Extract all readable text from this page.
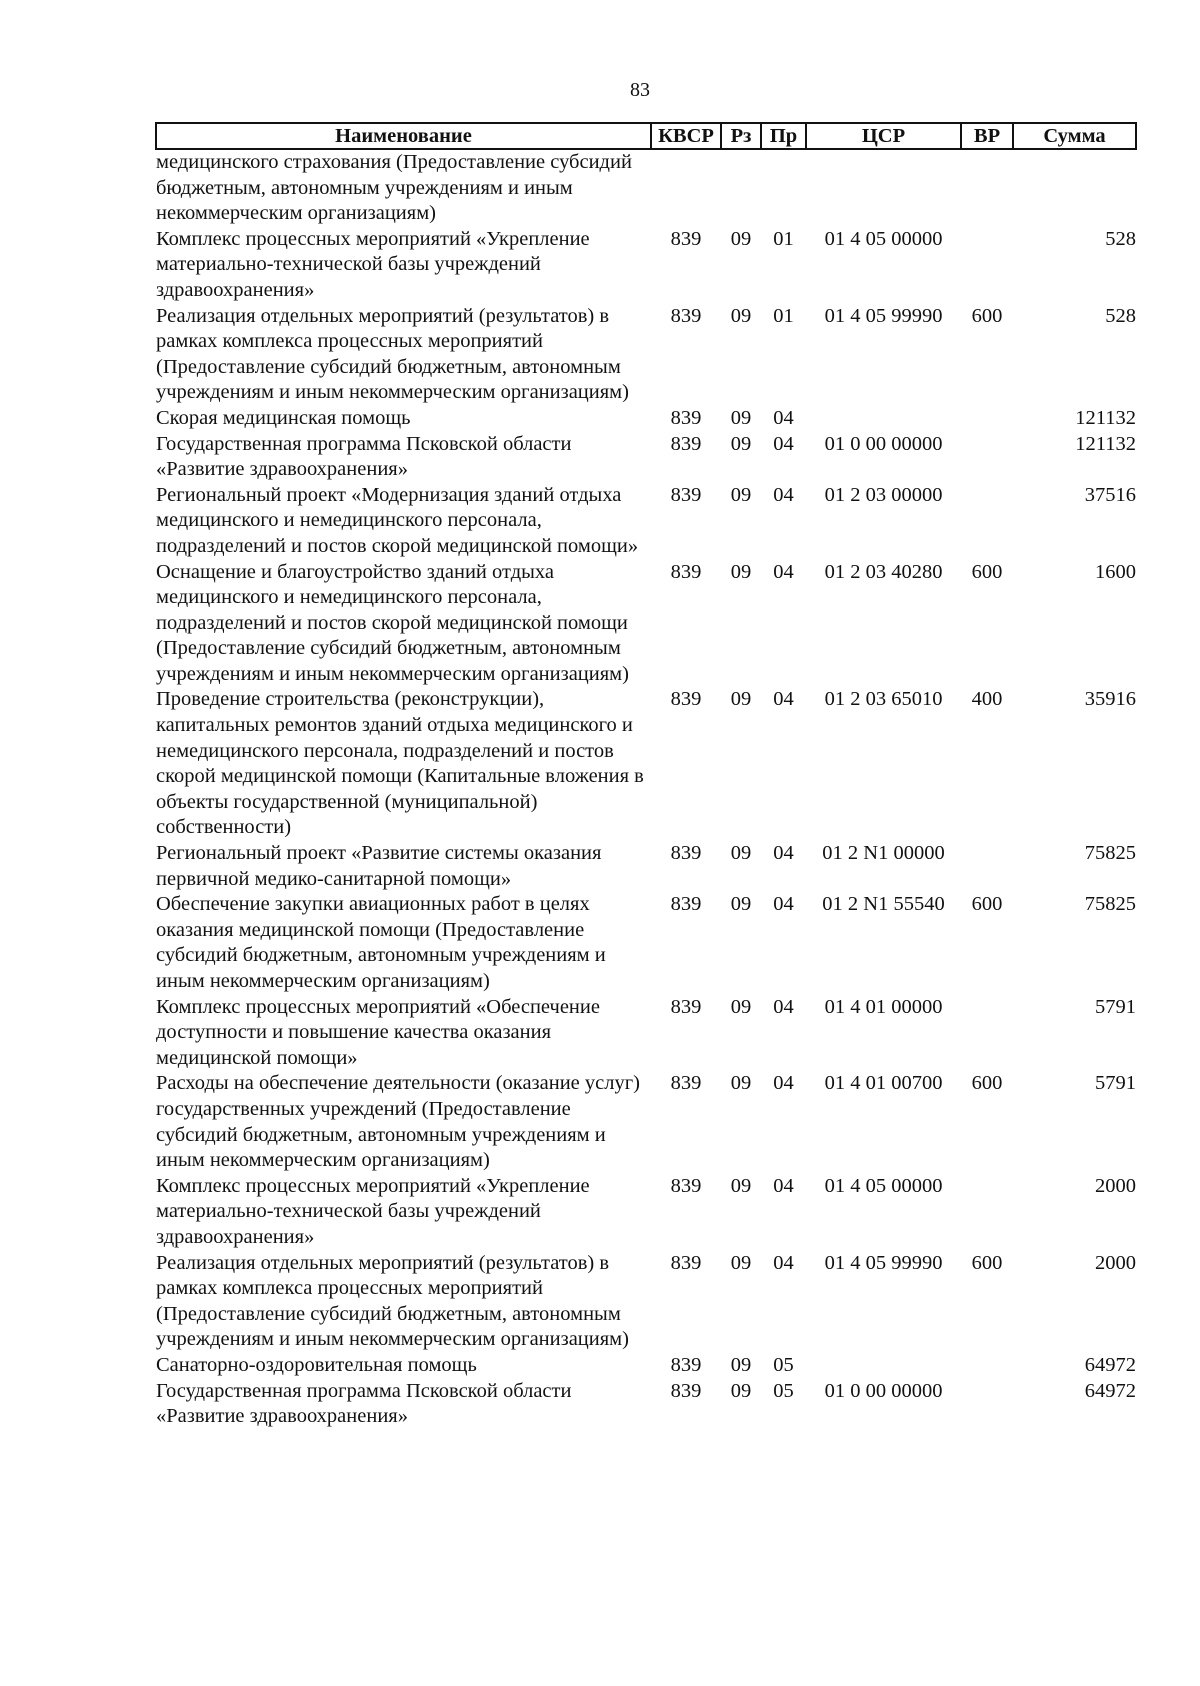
83
Наименование	КВСР	Рз	Пр	ЦСР	ВР	Сумма
медицинского страхования (Предоставление субсидий бюджетным, автономным учреждениям и иным некоммерческим организациям)						
Комплекс процессных мероприятий «Укрепление материально-технической базы учреждений здравоохранения»	839	09	01	01 4 05 00000		528
Реализация отдельных мероприятий (результатов) в рамках комплекса процессных мероприятий (Предоставление субсидий бюджетным, автономным учреждениям и иным некоммерческим организациям)	839	09	01	01 4 05 99990	600	528
Скорая медицинская помощь	839	09	04			121132
Государственная программа Псковской области «Развитие здравоохранения»	839	09	04	01 0 00 00000		121132
Региональный проект «Модернизация зданий отдыха медицинского и немедицинского персонала, подразделений и постов скорой медицинской помощи»	839	09	04	01 2 03 00000		37516
Оснащение и благоустройство зданий отдыха медицинского и немедицинского персонала, подразделений и постов скорой медицинской помощи (Предоставление субсидий бюджетным, автономным учреждениям и иным некоммерческим организациям)	839	09	04	01 2 03 40280	600	1600
Проведение строительства (реконструкции), капитальных ремонтов зданий отдыха медицинского и немедицинского персонала, подразделений и постов скорой медицинской помощи (Капитальные вложения в объекты государственной (муниципальной) собственности)	839	09	04	01 2 03 65010	400	35916
Региональный проект «Развитие системы оказания первичной медико-санитарной помощи»	839	09	04	01 2 N1 00000		75825
Обеспечение закупки авиационных работ в целях оказания медицинской помощи (Предоставление субсидий бюджетным, автономным учреждениям и иным некоммерческим организациям)	839	09	04	01 2 N1 55540	600	75825
Комплекс процессных мероприятий «Обеспечение доступности и повышение качества оказания медицинской помощи»	839	09	04	01 4 01 00000		5791
Расходы на обеспечение деятельности (оказание услуг) государственных учреждений (Предоставление субсидий бюджетным, автономным учреждениям и иным некоммерческим организациям)	839	09	04	01 4 01 00700	600	5791
Комплекс процессных мероприятий «Укрепление материально-технической базы учреждений здравоохранения»	839	09	04	01 4 05 00000		2000
Реализация отдельных мероприятий (результатов) в рамках комплекса процессных мероприятий (Предоставление субсидий бюджетным, автономным учреждениям и иным некоммерческим организациям)	839	09	04	01 4 05 99990	600	2000
Санаторно-оздоровительная помощь	839	09	05			64972
Государственная программа Псковской области «Развитие здравоохранения»	839	09	05	01 0 00 00000		64972
